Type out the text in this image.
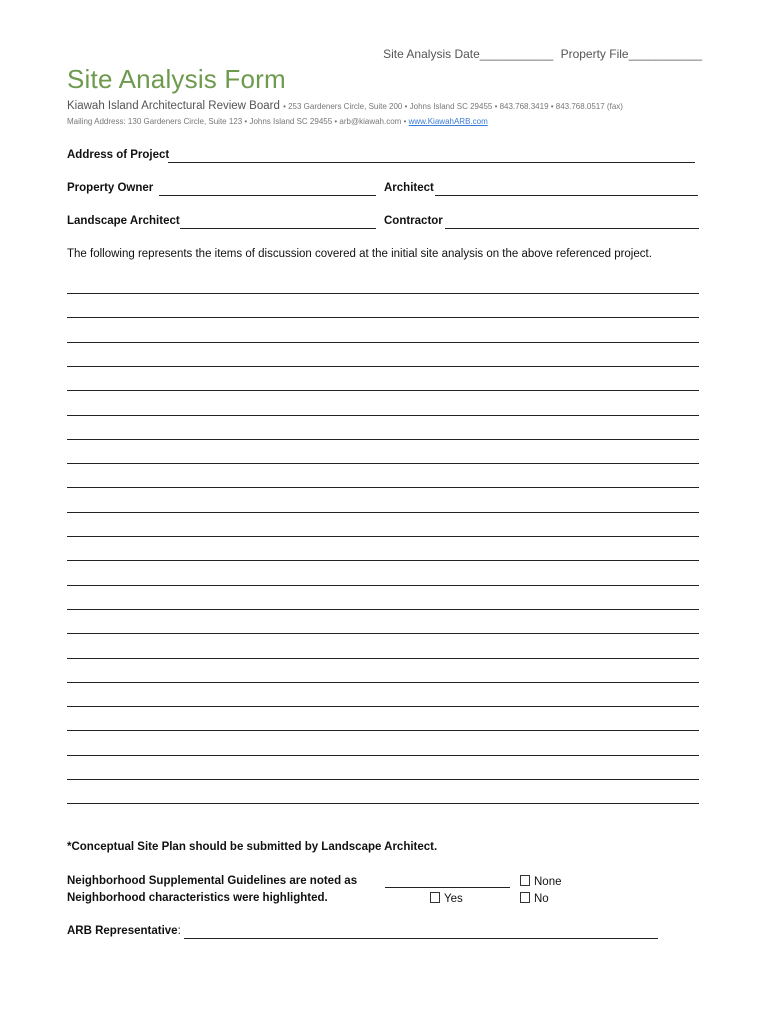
Site Analysis Date___________ Property File___________
Site Analysis Form
Kiawah Island Architectural Review Board • 253 Gardeners Circle, Suite 200 • Johns Island SC 29455 • 843.768.3419 • 843.768.0517 (fax)
Mailing Address: 130 Gardeners Circle, Suite 123 • Johns Island SC 29455 • arb@kiawah.com • www.KiawahARB.com
Address of Project
Property Owner	Architect
Landscape Architect	Contractor
The following represents the items of discussion covered at the initial site analysis on the above referenced project.
*Conceptual Site Plan should be submitted by Landscape Architect.
Neighborhood Supplemental Guidelines are noted as	None
Neighborhood characteristics were highlighted.	Yes	No
ARB Representative:
